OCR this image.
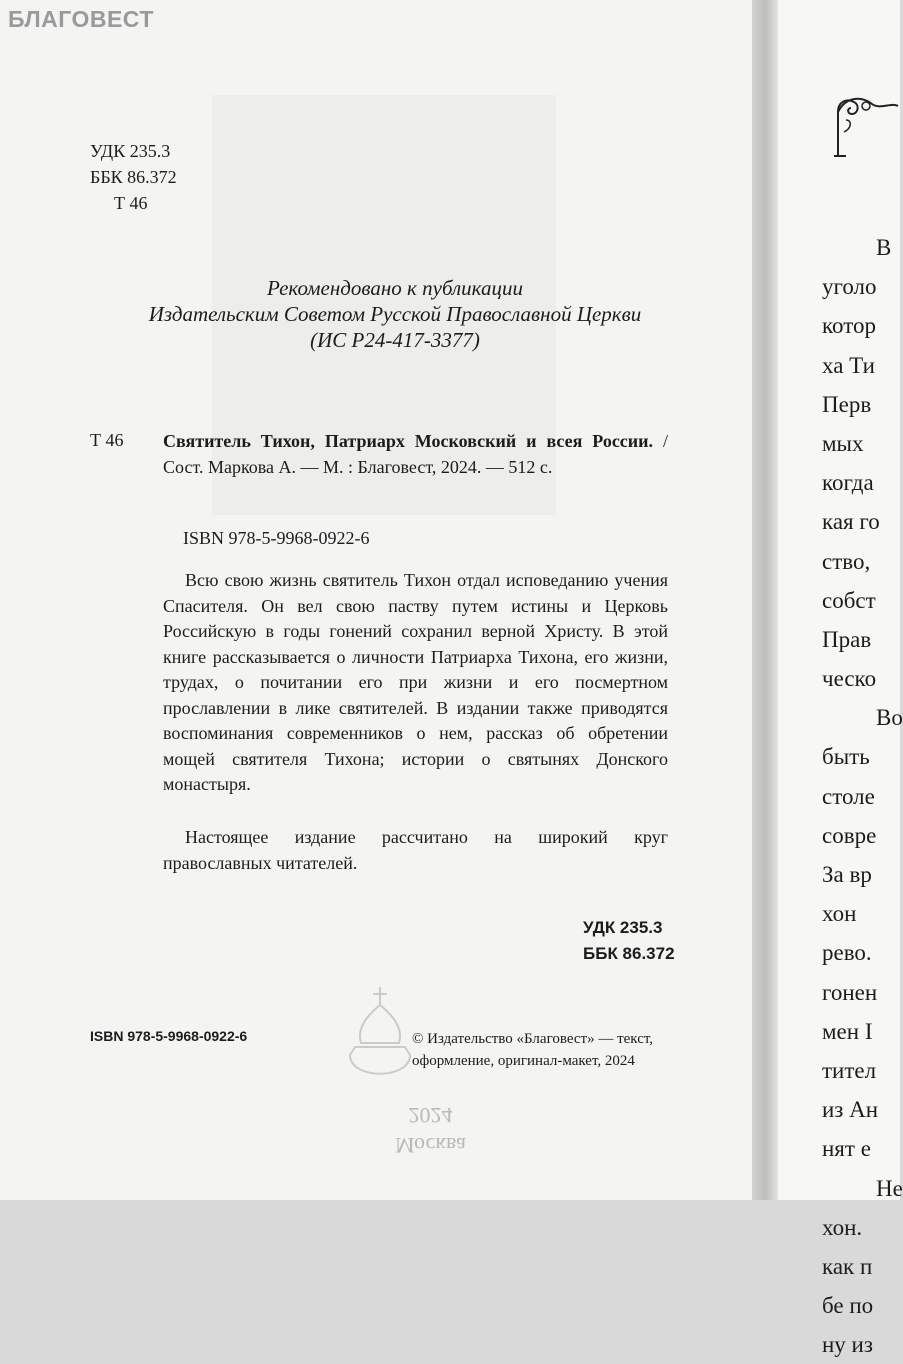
УДК 235.3
ББК 86.372
Т 46
Рекомендовано к публикации
Издательским Советом Русской Православной Церкви
(ИС Р24-417-3377)
Т 46 Святитель Тихон, Патриарх Московский и всея России. / Сост. Маркова А. — М. : Благовест, 2024. — 512 с.
ISBN 978-5-9968-0922-6

Всю свою жизнь святитель Тихон отдал исповеданию учения Спасителя. Он вел свою паству путем истины и Церковь Российскую в годы гонений сохранил верной Христу. В этой книге рассказывается о личности Патриарха Тихона, его жизни, трудах, о почитании его при жизни и его посмертном прославлении в лике святителей. В издании также приводятся воспоминания современников о нем, рассказ об обретении мощей святителя Тихона; истории о святынях Донского монастыря.

Настоящее издание рассчитано на широкий круг православных читателей.

УДК 235.3
ББК 86.372
ISBN 978-5-9968-0922-6	© Издательство «Благовест» — текст, оформление, оригинал-макет, 2024
Москва
2024
БЛАГОВЕСТ
В
уголо
котор
ха Ти
Перв
мых
когда
кая го
ство,
собст
Прав
ческо
Во
быть
столе
совре
За вр
хон
рево.
гонен
мен I
тител
из Ан
нят е
Не
хон.
как п
бе по
ну из
